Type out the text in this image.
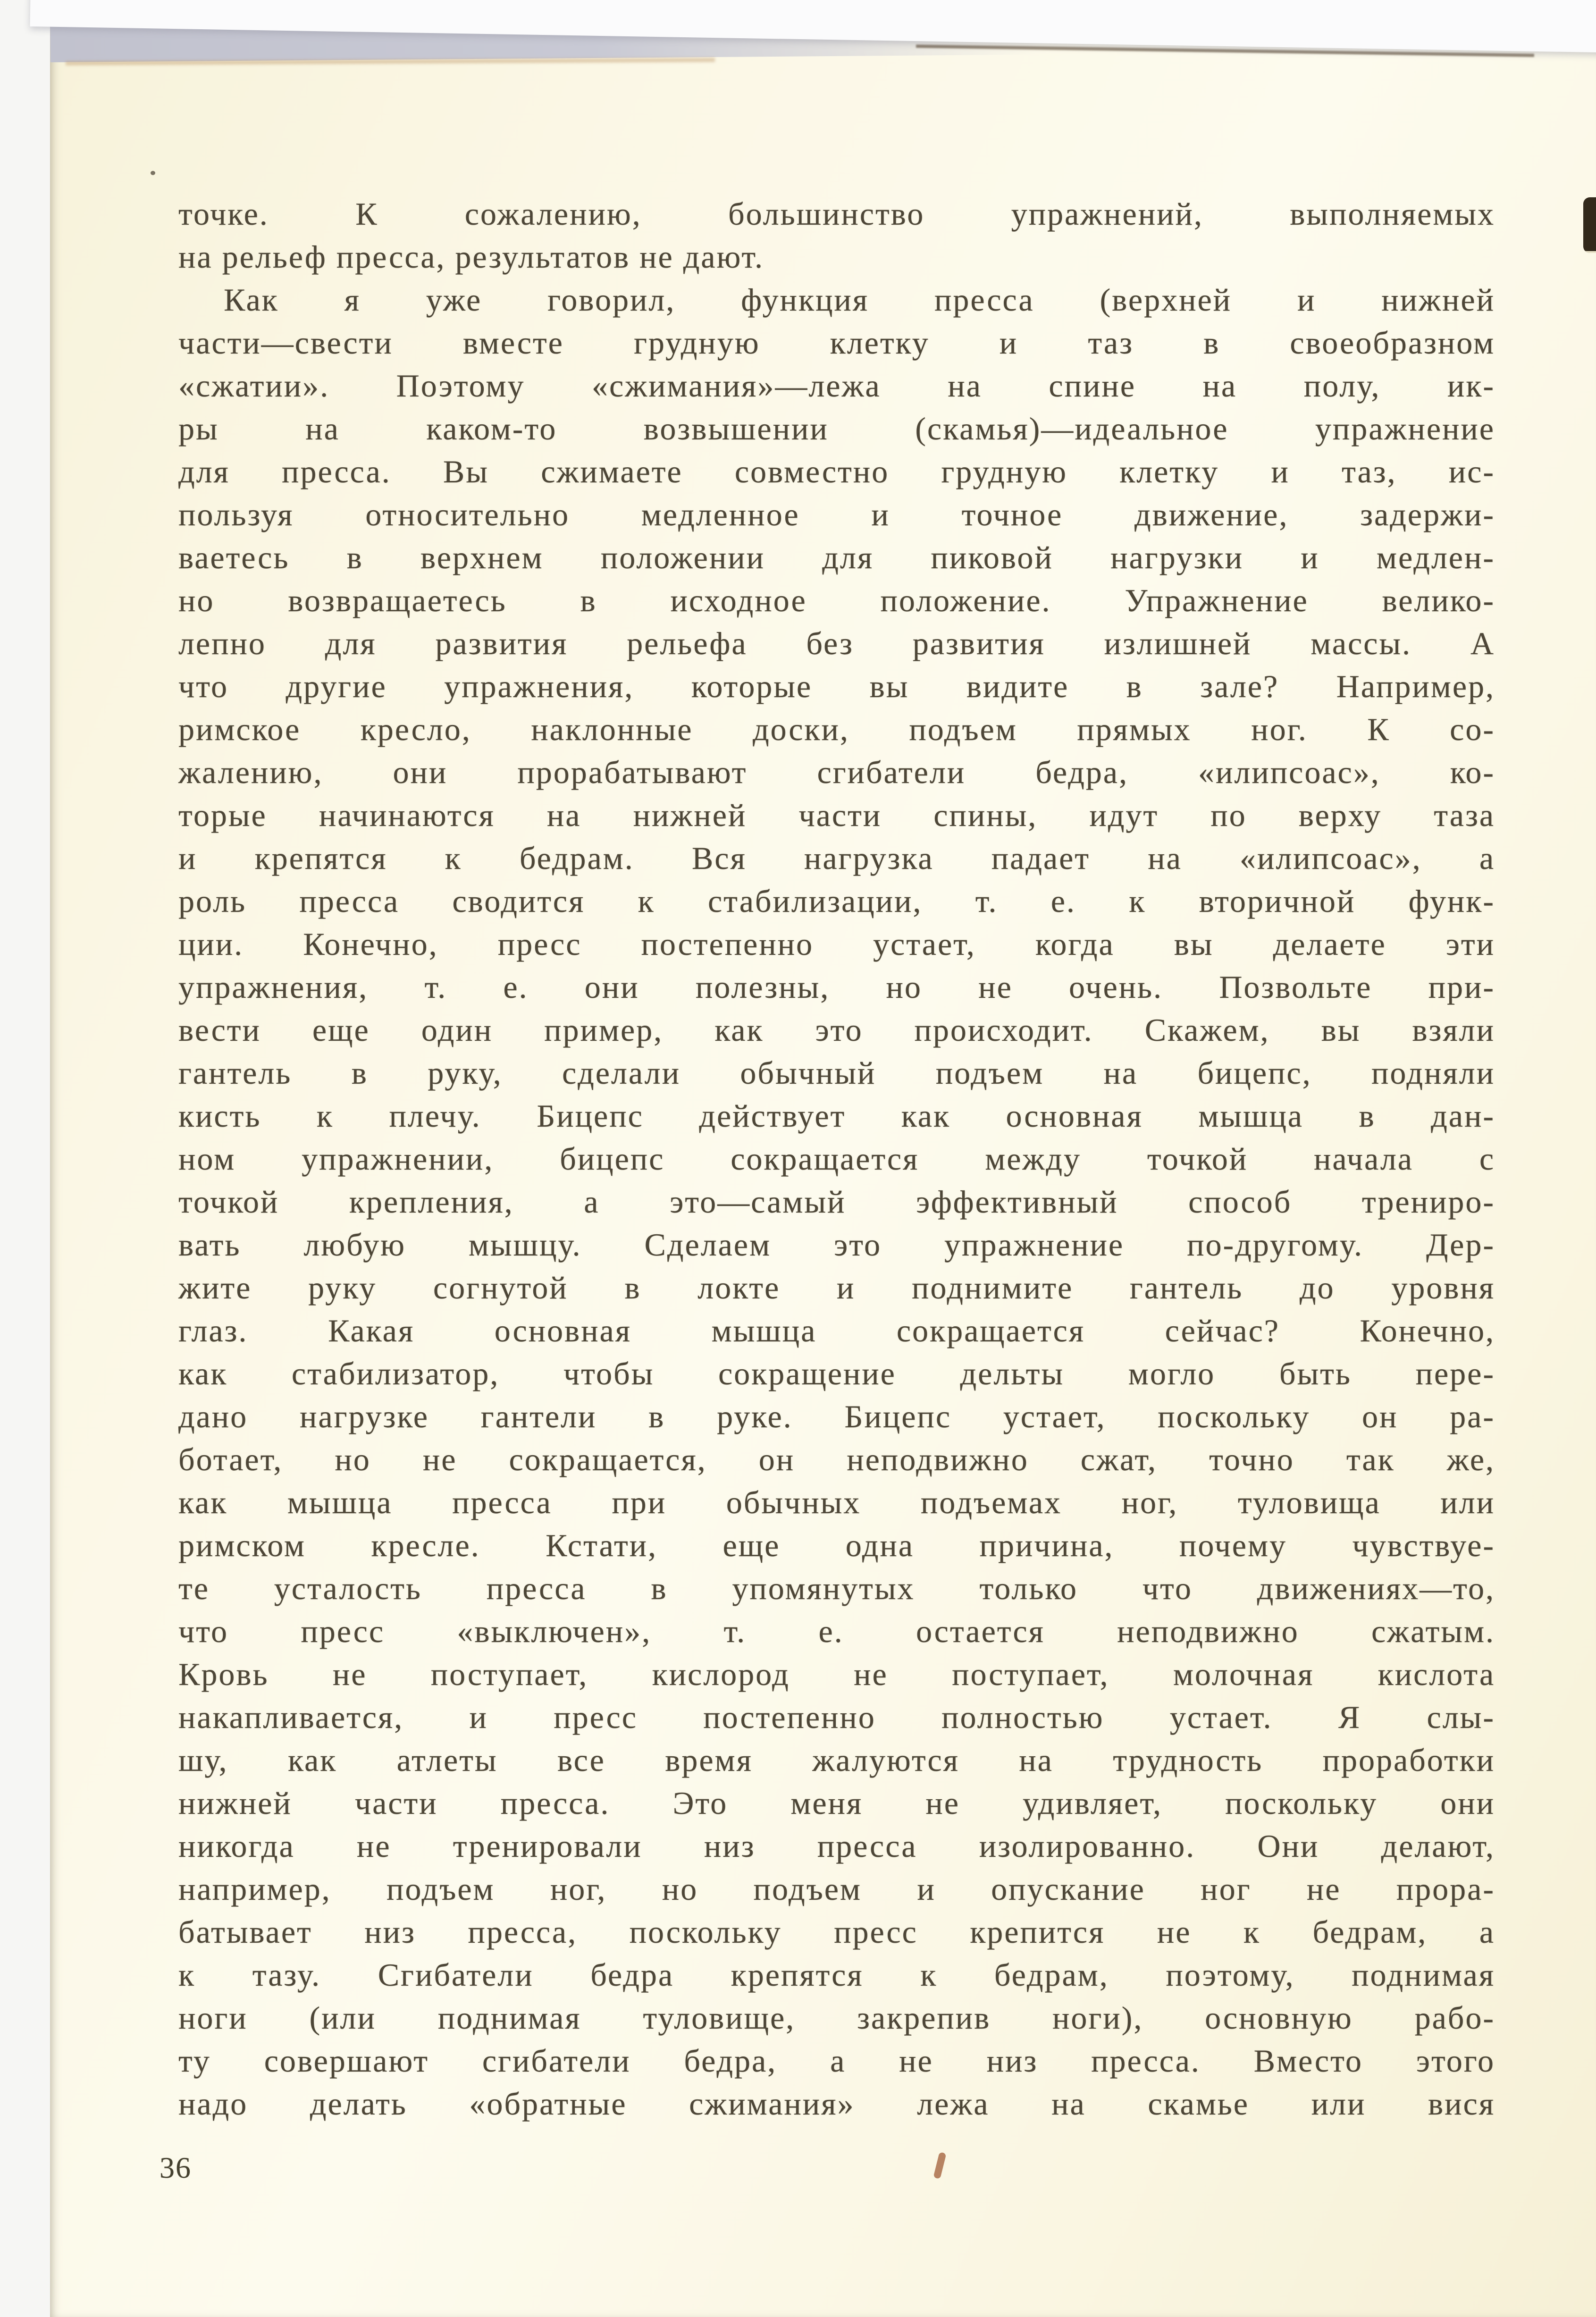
точке. К сожалению, большинство упражнений, выполняемых
на рельеф пресса, результатов не дают.
Как я уже говорил, функция пресса (верхней и нижней
части—свести вместе грудную клетку и таз в своеобразном
«сжатии». Поэтому «сжимания»—лежа на спине на полу, ик-
ры на каком-то возвышении (скамья)—идеальное упражнение
для пресса. Вы сжимаете совместно грудную клетку и таз, ис-
пользуя относительно медленное и точное движение, задержи-
ваетесь в верхнем положении для пиковой нагрузки и медлен-
но возвращаетесь в исходное положение. Упражнение велико-
лепно для развития рельефа без развития излишней массы. А
что другие упражнения, которые вы видите в зале? Например,
римское кресло, наклонные доски, подъем прямых ног. К со-
жалению, они прорабатывают сгибатели бедра, «илипсоас», ко-
торые начинаются на нижней части спины, идут по верху таза
и крепятся к бедрам. Вся нагрузка падает на «илипсоас», а
роль пресса сводится к стабилизации, т. е. к вторичной функ-
ции. Конечно, пресс постепенно устает, когда вы делаете эти
упражнения, т. е. они полезны, но не очень. Позвольте при-
вести еще один пример, как это происходит. Скажем, вы взяли
гантель в руку, сделали обычный подъем на бицепс, подняли
кисть к плечу. Бицепс действует как основная мышца в дан-
ном упражнении, бицепс сокращается между точкой начала с
точкой крепления, а это—самый эффективный способ трениро-
вать любую мышцу. Сделаем это упражнение по-другому. Дер-
жите руку согнутой в локте и поднимите гантель до уровня
глаз. Какая основная мышца сокращается сейчас? Конечно,
как стабилизатор, чтобы сокращение дельты могло быть пере-
дано нагрузке гантели в руке. Бицепс устает, поскольку он ра-
ботает, но не сокращается, он неподвижно сжат, точно так же,
как мышца пресса при обычных подъемах ног, туловища или
римском кресле. Кстати, еще одна причина, почему чувствуе-
те усталость пресса в упомянутых только что движениях—то,
что пресс «выключен», т. е. остается неподвижно сжатым.
Кровь не поступает, кислород не поступает, молочная кислота
накапливается, и пресс постепенно полностью устает. Я слы-
шу, как атлеты все время жалуются на трудность проработки
нижней части пресса. Это меня не удивляет, поскольку они
никогда не тренировали низ пресса изолированно. Они делают,
например, подъем ног, но подъем и опускание ног не прора-
батывает низ пресса, поскольку пресс крепится не к бедрам, а
к тазу. Сгибатели бедра крепятся к бедрам, поэтому, поднимая
ноги (или поднимая туловище, закрепив ноги), основную рабо-
ту совершают сгибатели бедра, а не низ пресса. Вместо этого
надо делать «обратные сжимания» лежа на скамье или вися
36
